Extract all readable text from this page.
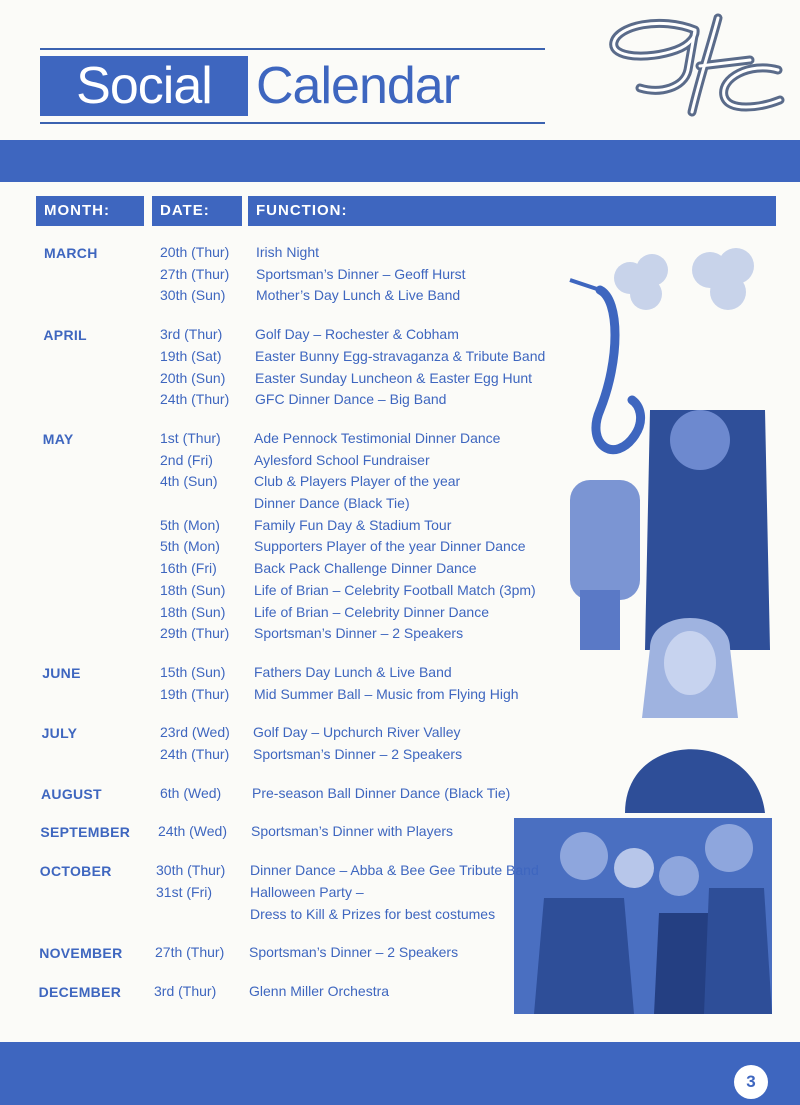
Social Calendar
MONTH:	DATE:	FUNCTION:
MARCH	20th (Thur) Irish Night
27th (Thur) Sportsman’s Dinner – Geoff Hurst
30th (Sun) Mother’s Day Lunch & Live Band
APRIL	3rd (Thur) Golf Day – Rochester & Cobham
19th (Sat) Easter Bunny Egg-stravaganza & Tribute Band
20th (Sun) Easter Sunday Luncheon & Easter Egg Hunt
24th (Thur) GFC Dinner Dance – Big Band
MAY	1st (Thur) Ade Pennock Testimonial Dinner Dance
2nd (Fri)	Aylesford School Fundraiser
4th (Sun)	Club & Players Player of the year
Dinner Dance (Black Tie)
5th (Mon) Family Fun Day & Stadium Tour
5th (Mon) Supporters Player of the year Dinner Dance
16th (Fri)	Back Pack Challenge Dinner Dance
18th (Sun) Life of Brian – Celebrity Football Match (3pm)
18th (Sun) Life of Brian – Celebrity Dinner Dance
29th (Thur) Sportsman’s Dinner – 2 Speakers
JUNE	15th (Sun) Fathers Day Lunch & Live Band
19th (Thur) Mid Summer Ball – Music from Flying High
JULY	23rd (Wed) Golf Day – Upchurch River Valley
24th (Thur) Sportsman’s Dinner – 2 Speakers
AUGUST	6th (Wed) Pre-season Ball Dinner Dance (Black Tie)
SEPTEMBER 24th (Wed) Sportsman’s Dinner with Players
OCTOBER	30th (Thur) Dinner Dance – Abba & Bee Gee Tribute Band
31st (Fri)	Halloween Party –
Dress to Kill & Prizes for best costumes
NOVEMBER 27th (Thur) Sportsman’s Dinner – 2 Speakers
DECEMBER 3rd (Thur) Glenn Miller Orchestra
3
